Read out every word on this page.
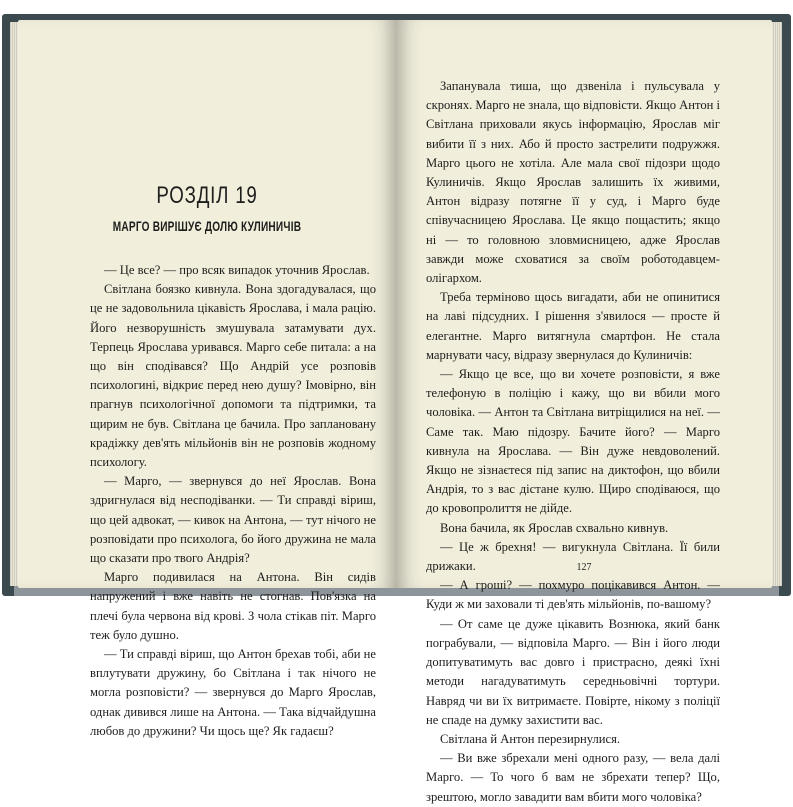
РОЗДІЛ 19
МАРГО ВИРІШУЄ ДОЛЮ КУЛИНИЧІВ

— Це все? — про всяк випадок уточнив Ярослав.

Світлана боязко кивнула. Вона здогадувалася, що це не задовольнила цікавість Ярослава, і мала рацію. Його незворушність змушувала затамувати дух. Терпець Ярослава уривався. Марго себе питала: а на що він сподівався? Що Андрій усе розповів психологині, відкриє перед нею душу? Імовірно, він прагнув психологічної допомоги та підтримки, та щирим не був. Світлана це бачила. Про заплановану крадіжку дев'ять мільйонів він не розповів жодному психологу.

— Марго, — звернувся до неї Ярослав. Вона здригнулася від несподіванки. — Ти справді віриш, що цей адвокат, — кивок на Антона, — тут нічого не розповідати про психолога, бо його дружина не мала що сказати про твого Андрія?

Марго подивилася на Антона. Він сидів напружений і вже навіть не стогнав. Пов'язка на плечі була червона від крові. З чола стікав піт. Марго теж було душно.

— Ти справді віриш, що Антон брехав тобі, аби не вплутувати дружину, бо Світлана і так нічого не могла розповісти? — звернувся до Марго Ярослав, однак дивився лише на Антона. — Така відчайдушна любов до дружини? Чи щось ще? Як гадаєш?

Запанувала тиша, що дзвеніла і пульсувала у скронях. Марго не знала, що відповісти. Якщо Антон і Світлана приховали якусь інформацію, Ярослав міг вибити її з них. Або й просто застрелити подружжя. Марго цього не хотіла. Але мала свої підозри щодо Кулиничів. Якщо Ярослав залишить їх живими, Антон відразу потягне її у суд, і Марго буде співучасницею Ярослава. Це якщо пощастить; якщо ні — то головною зловмисницею, адже Ярослав завжди може сховатися за своїм роботодавцем-олігархом.

Треба терміново щось вигадати, аби не опинитися на лаві підсудних. І рішення з'явилося — просте й елегантне. Марго витягнула смартфон. Не стала марнувати часу, відразу звернулася до Кулиничів:

— Якщо це все, що ви хочете розповісти, я вже телефоную в поліцію і кажу, що ви вбили мого чоловіка. — Антон та Світлана витріщилися на неї. — Саме так. Маю підозру. Бачите його? — Марго кивнула на Ярослава. — Він дуже невдоволений. Якщо не зізнаєтеся під запис на диктофон, що вбили Андрія, то з вас дістане кулю. Щиро сподіваюся, що до кровопролиття не дійде.

Вона бачила, як Ярослав схвально кивнув.

— Це ж брехня! — вигукнула Світлана. Її били дрижаки.

— А гроші? — похмуро поцікавився Антон. — Куди ж ми заховали ті дев'ять мільйонів, по-вашому?

— От саме це дуже цікавить Вознюка, який банк пограбували, — відповіла Марго. — Він і його люди допитуватимуть вас довго і пристрасно, деякі їхні методи нагадуватимуть середньовічні тортури. Навряд чи ви їх витримаєте. Повірте, нікому з поліції не спаде на думку захистити вас.

Світлана й Антон перезирнулися.

— Ви вже збрехали мені одного разу, — вела далі Марго. — То чого б вам не збрехати тепер? Що, зрештою, могло завадити вам вбити мого чоловіка?

127
